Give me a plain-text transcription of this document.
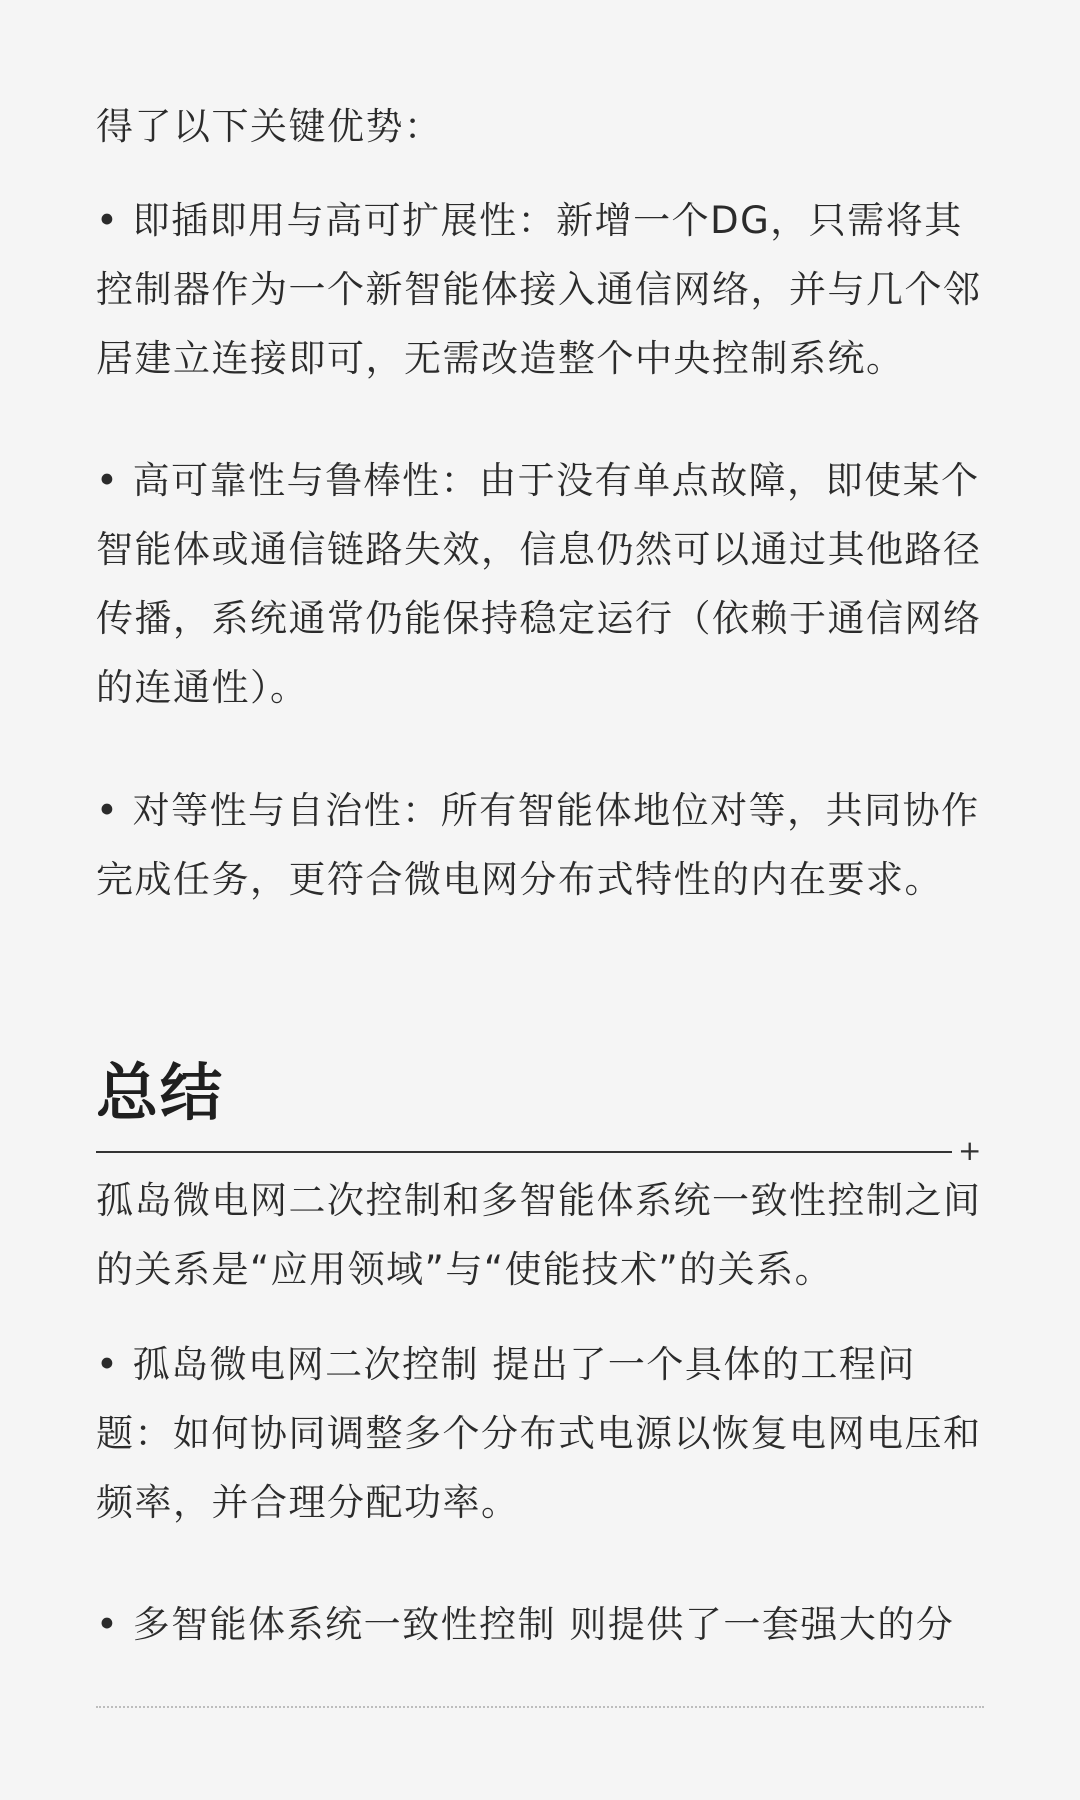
得了以下关键优势：

• 即插即用与高可扩展性：新增一个DG，只需将其控制器作为一个新智能体接入通信网络，并与几个邻居建立连接即可，无需改造整个中央控制系统。

• 高可靠性与鲁棒性：由于没有单点故障，即使某个智能体或通信链路失效，信息仍然可以通过其他路径传播，系统通常仍能保持稳定运行（依赖于通信网络的连通性）。

• 对等性与自治性：所有智能体地位对等，共同协作完成任务，更符合微电网分布式特性的内在要求。

总结
+

孤岛微电网二次控制和多智能体系统一致性控制之间的关系是“应用领域”与“使能技术”的关系。

• 孤岛微电网二次控制 提出了一个具体的工程问题：如何协同调整多个分布式电源以恢复电网电压和频率，并合理分配功率。

• 多智能体系统一致性控制 则提供了一套强大的分
